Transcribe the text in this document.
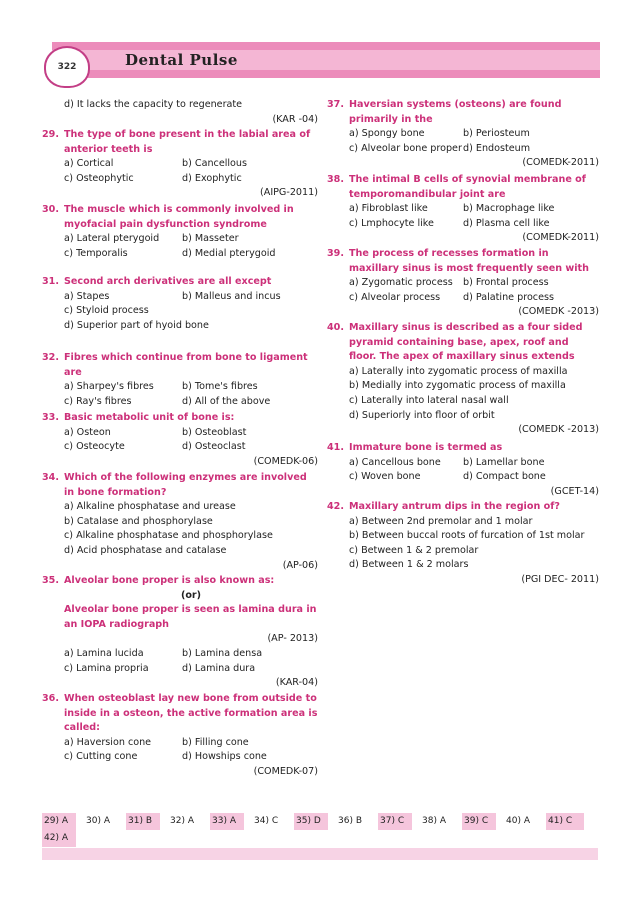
322	Dental Pulse
d) It lacks the capacity to regenerate
(KAR -04)
29. The type of bone present in the labial area of anterior teeth is
a) Cortical	b) Cancellous
c) Osteophytic	d) Exophytic
(AIPG-2011)
30. The muscle which is commonly involved in myofacial pain dysfunction syndrome
a) Lateral pterygoid b) Masseter
c) Temporalis	d) Medial pterygoid
31. Second arch derivatives are all except
a) Stapes	b) Malleus and incus
c) Styloid process
d) Superior part of hyoid bone
32. Fibres which continue from bone to ligament are
a) Sharpey's fibres	b) Tome's fibres
c) Ray's fibres	d) All of the above
33. Basic metabolic unit of bone is:
a) Osteon	b) Osteoblast
c) Osteocyte	d) Osteoclast
(COMEDK-06)
34. Which of the following enzymes are involved in bone formation?
a) Alkaline phosphatase and urease
b) Catalase and phosphorylase
c) Alkaline phosphatase and phosphorylase
d) Acid phosphatase and catalase
(AP-06)
35. Alveolar bone proper is also known as:
(or)
Alveolar bone proper is seen as lamina dura in an IOPA radiograph
(AP- 2013)
a) Lamina lucida	b) Lamina densa
c) Lamina propria	d) Lamina dura
(KAR-04)
36. When osteoblast lay new bone from outside to inside in a osteon, the active formation area is called:
a) Haversion cone	b) Filling cone
c) Cutting cone	d) Howships cone
(COMEDK-07)
37. Haversian systems (osteons) are found primarily in the
a) Spongy bone	b) Periosteum
c) Alveolar bone proper d) Endosteum
(COMEDK-2011)
38. The intimal B cells of synovial membrane of temporomandibular joint are
a) Fibroblast like	b) Macrophage like
c) Lmphocyte like	d) Plasma cell like
(COMEDK-2011)
39. The process of recesses formation in maxillary sinus is most frequently seen with
a) Zygomatic process b) Frontal process
c) Alveolar process d) Palatine process
(COMEDK -2013)
40. Maxillary sinus is described as a four sided pyramid containing base, apex, roof and floor. The apex of maxillary sinus extends
a) Laterally into zygomatic process of maxilla
b) Medially into zygomatic process of maxilla
c) Laterally into lateral nasal wall
d) Superiorly into floor of orbit
(COMEDK -2013)
41. Immature bone is termed as
a) Cancellous bone b) Lamellar bone
c) Woven bone	d) Compact bone
(GCET-14)
42. Maxillary antrum dips in the region of?
a) Between 2nd premolar and 1 molar
b) Between buccal roots of furcation of 1st molar
c) Between 1 & 2 premolar
d) Between 1 & 2 molars
(PGI DEC- 2011)
29) A	30) A	31) B	32) A	33) A	34) C	35) D	36) B	37) C	38) A	39) C	40) A	41) C
42) A
